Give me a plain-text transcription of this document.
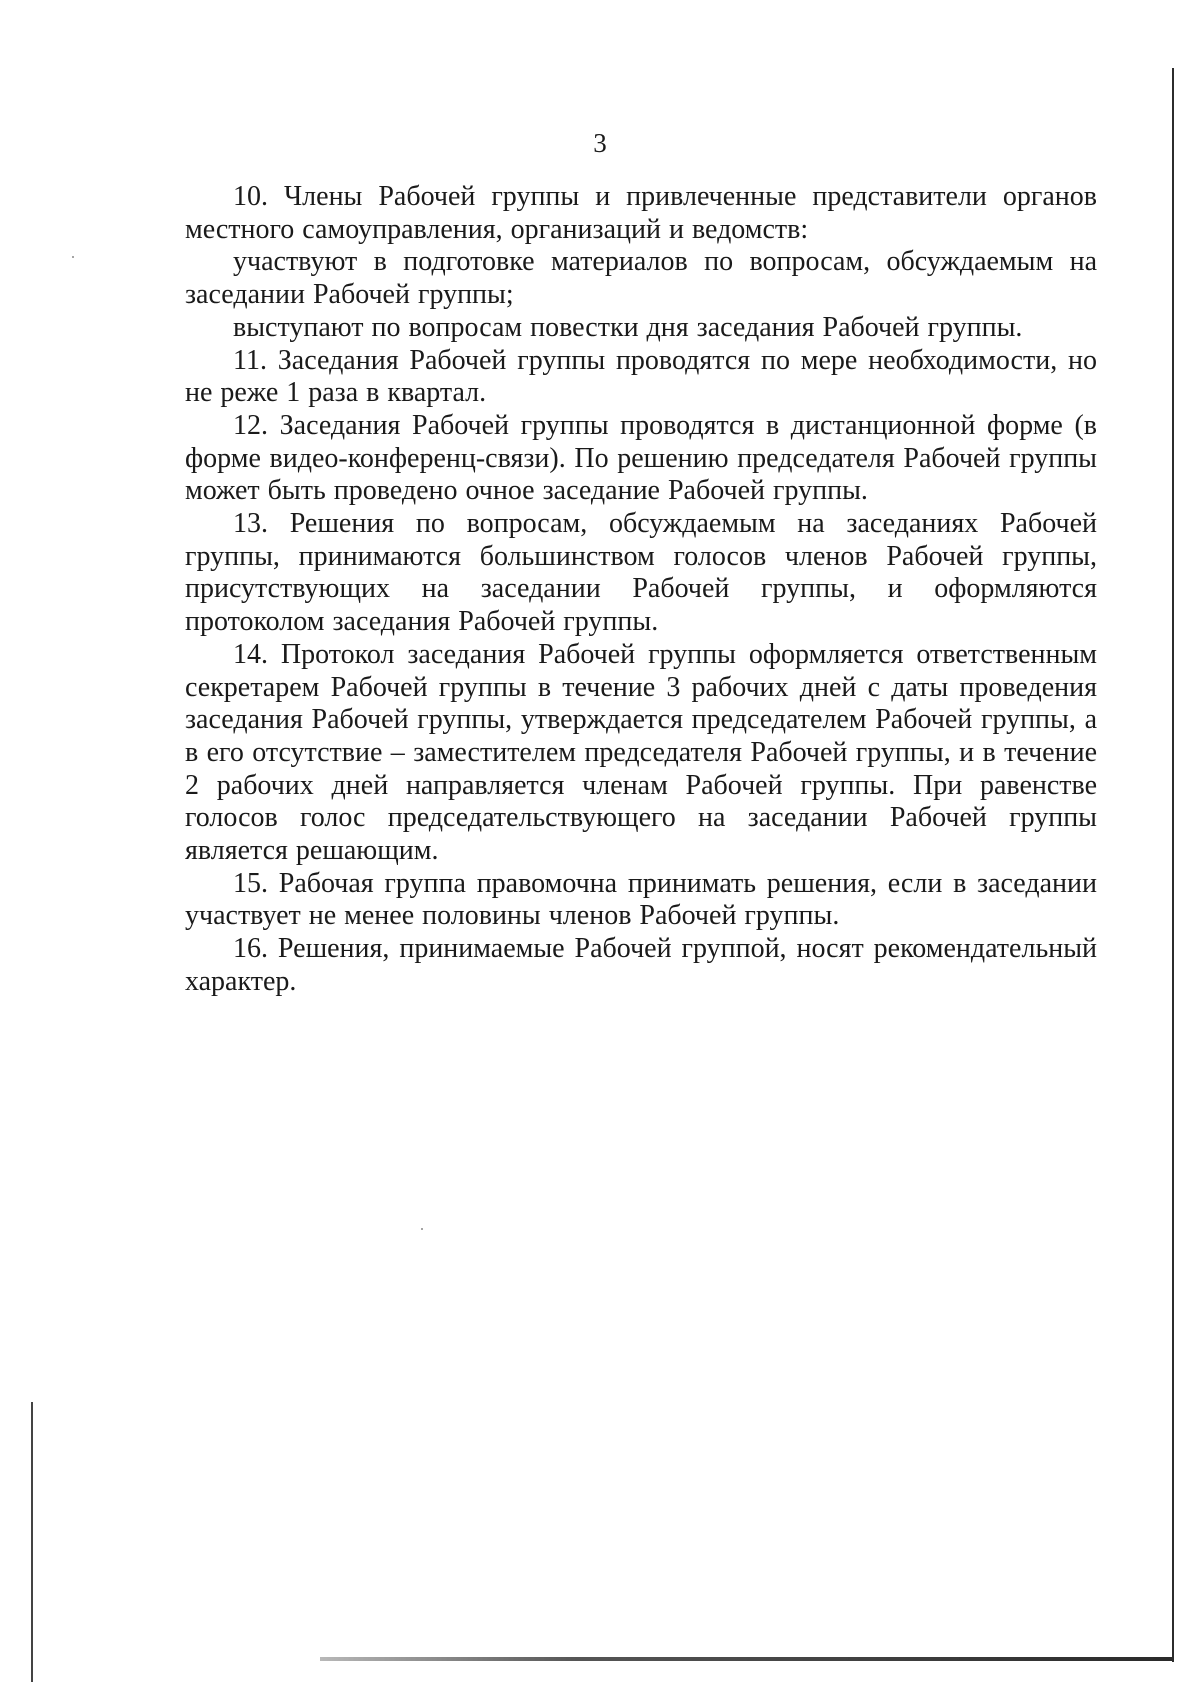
3

10. Члены Рабочей группы и привлеченные представители органов местного самоуправления, организаций и ведомств:

участвуют в подготовке материалов по вопросам, обсуждаемым на заседании Рабочей группы;

выступают по вопросам повестки дня заседания Рабочей группы.

11. Заседания Рабочей группы проводятся по мере необходимости, но не реже 1 раза в квартал.

12. Заседания Рабочей группы проводятся в дистанционной форме (в форме видео-конференц-связи). По решению председателя Рабочей группы может быть проведено очное заседание Рабочей группы.

13. Решения по вопросам, обсуждаемым на заседаниях Рабочей группы, принимаются большинством голосов членов Рабочей группы, присутствующих на заседании Рабочей группы, и оформляются протоколом заседания Рабочей группы.

14. Протокол заседания Рабочей группы оформляется ответственным секретарем Рабочей группы в течение 3 рабочих дней с даты проведения заседания Рабочей группы, утверждается председателем Рабочей группы, а в его отсутствие – заместителем председателя Рабочей группы, и в течение 2 рабочих дней направляется членам Рабочей группы. При равенстве голосов голос председательствующего на заседании Рабочей группы является решающим.

15. Рабочая группа правомочна принимать решения, если в заседании участвует не менее половины членов Рабочей группы.

16. Решения, принимаемые Рабочей группой, носят рекомендательный характер.
